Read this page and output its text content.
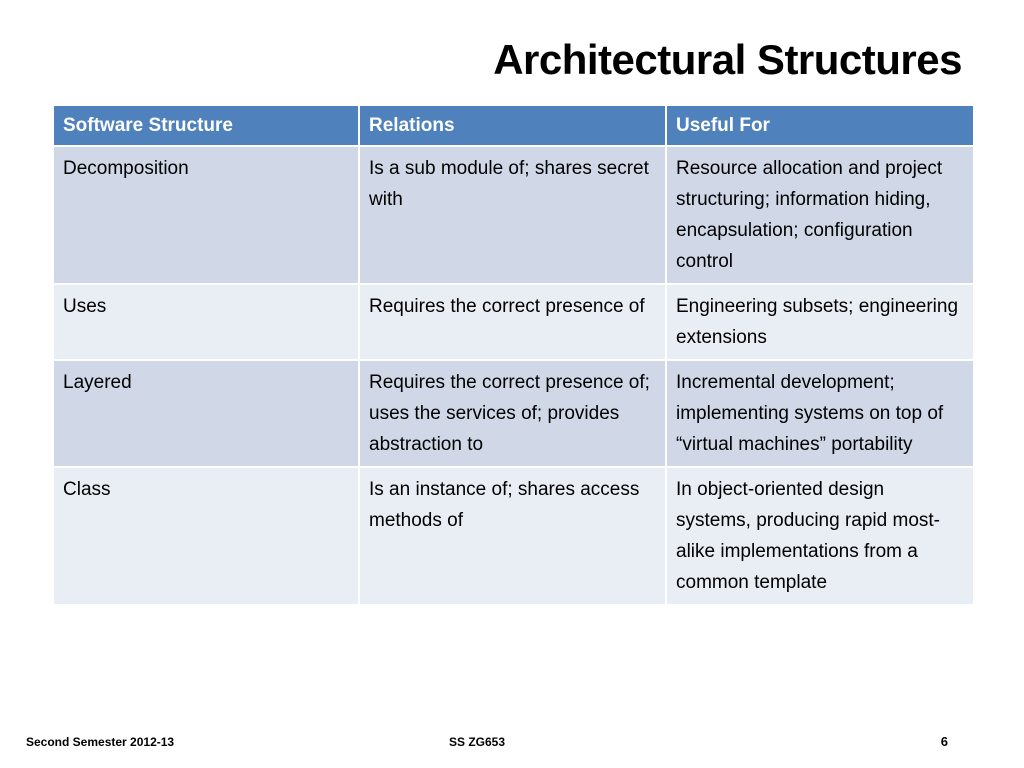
Architectural Structures
Software Structure	Relations	Useful For
Decomposition	Is a sub module of; shares secret with	Resource allocation and project structuring; information hiding, encapsulation; configuration control
Uses	Requires the correct presence of	Engineering subsets; engineering extensions
Layered	Requires the correct presence of; uses the services of; provides abstraction to	Incremental development; implementing systems on top of “virtual machines” portability
Class	Is an instance of; shares access methods of	In object-oriented design systems, producing rapid most-alike implementations from a common template
Second Semester 2012-13	SS ZG653	6
